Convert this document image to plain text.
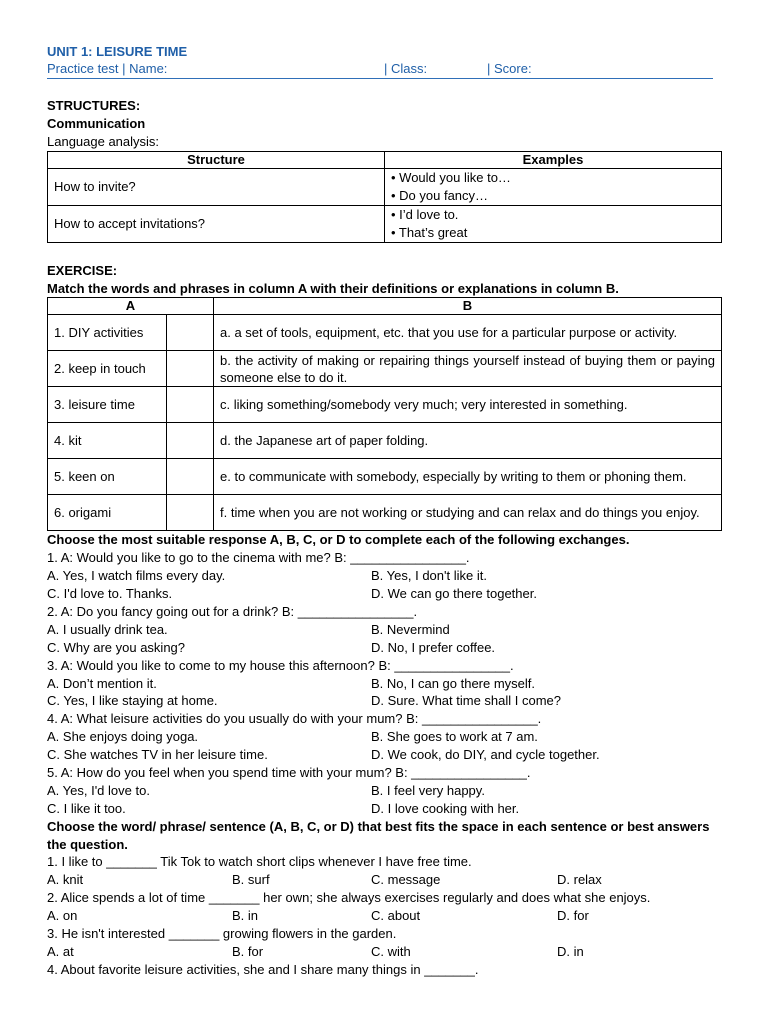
UNIT 1: LEISURE TIME
Practice test | Name:	| Class:	| Score:
STRUCTURES:
Communication
Language analysis:
Structure	Examples
How to invite?	• Would you like to…
• Do you fancy…

How to accept invitations?	• I’d love to.
• That’s great
EXERCISE:
Match the words and phrases in column A with their definitions or explanations in column B.
A		B
1. DIY activities		a. a set of tools, equipment, etc. that you use for a particular purpose or activity.
2. keep in touch		b. the activity of making or repairing things yourself instead of buying them or paying someone else to do it.
3. leisure time		c. liking something/somebody very much; very interested in something.
4. kit		d. the Japanese art of paper folding.
5. keen on		e. to communicate with somebody, especially by writing to them or phoning them.
6. origami		f. time when you are not working or studying and can relax and do things you enjoy.
Choose the most suitable response A, B, C, or D to complete each of the following exchanges.
1. A: Would you like to go to the cinema with me? B: ________________.
A. Yes, I watch films every day.	B. Yes, I don't like it.
C. I'd love to. Thanks.	D. We can go there together.
2. A: Do you fancy going out for a drink? B: ________________.
A. I usually drink tea.	B. Nevermind
C. Why are you asking?	D. No, I prefer coffee.
3. A: Would you like to come to my house this afternoon? B: ________________.
A. Don’t mention it.	B. No, I can go there myself.
C. Yes, I like staying at home.	D. Sure. What time shall I come?
4. A: What leisure activities do you usually do with your mum? B: ________________.
A. She enjoys doing yoga.	B. She goes to work at 7 am.
C. She watches TV in her leisure time.	D. We cook, do DIY, and cycle together.
5. A: How do you feel when you spend time with your mum? B: ________________.
A. Yes, I'd love to.	B. I feel very happy.
C. I like it too.	D. I love cooking with her.
Choose the word/ phrase/ sentence (A, B, C, or D) that best fits the space in each sentence or best answers
the question.
1. I like to _______ Tik Tok to watch short clips whenever I have free time.
A. knit	B. surf	C. message	D. relax
2. Alice spends a lot of time _______ her own; she always exercises regularly and does what she enjoys.
A. on	B. in	C. about	D. for
3. He isn't interested _______ growing flowers in the garden.
A. at	B. for	C. with	D. in
4. About favorite leisure activities, she and I share many things in _______.
